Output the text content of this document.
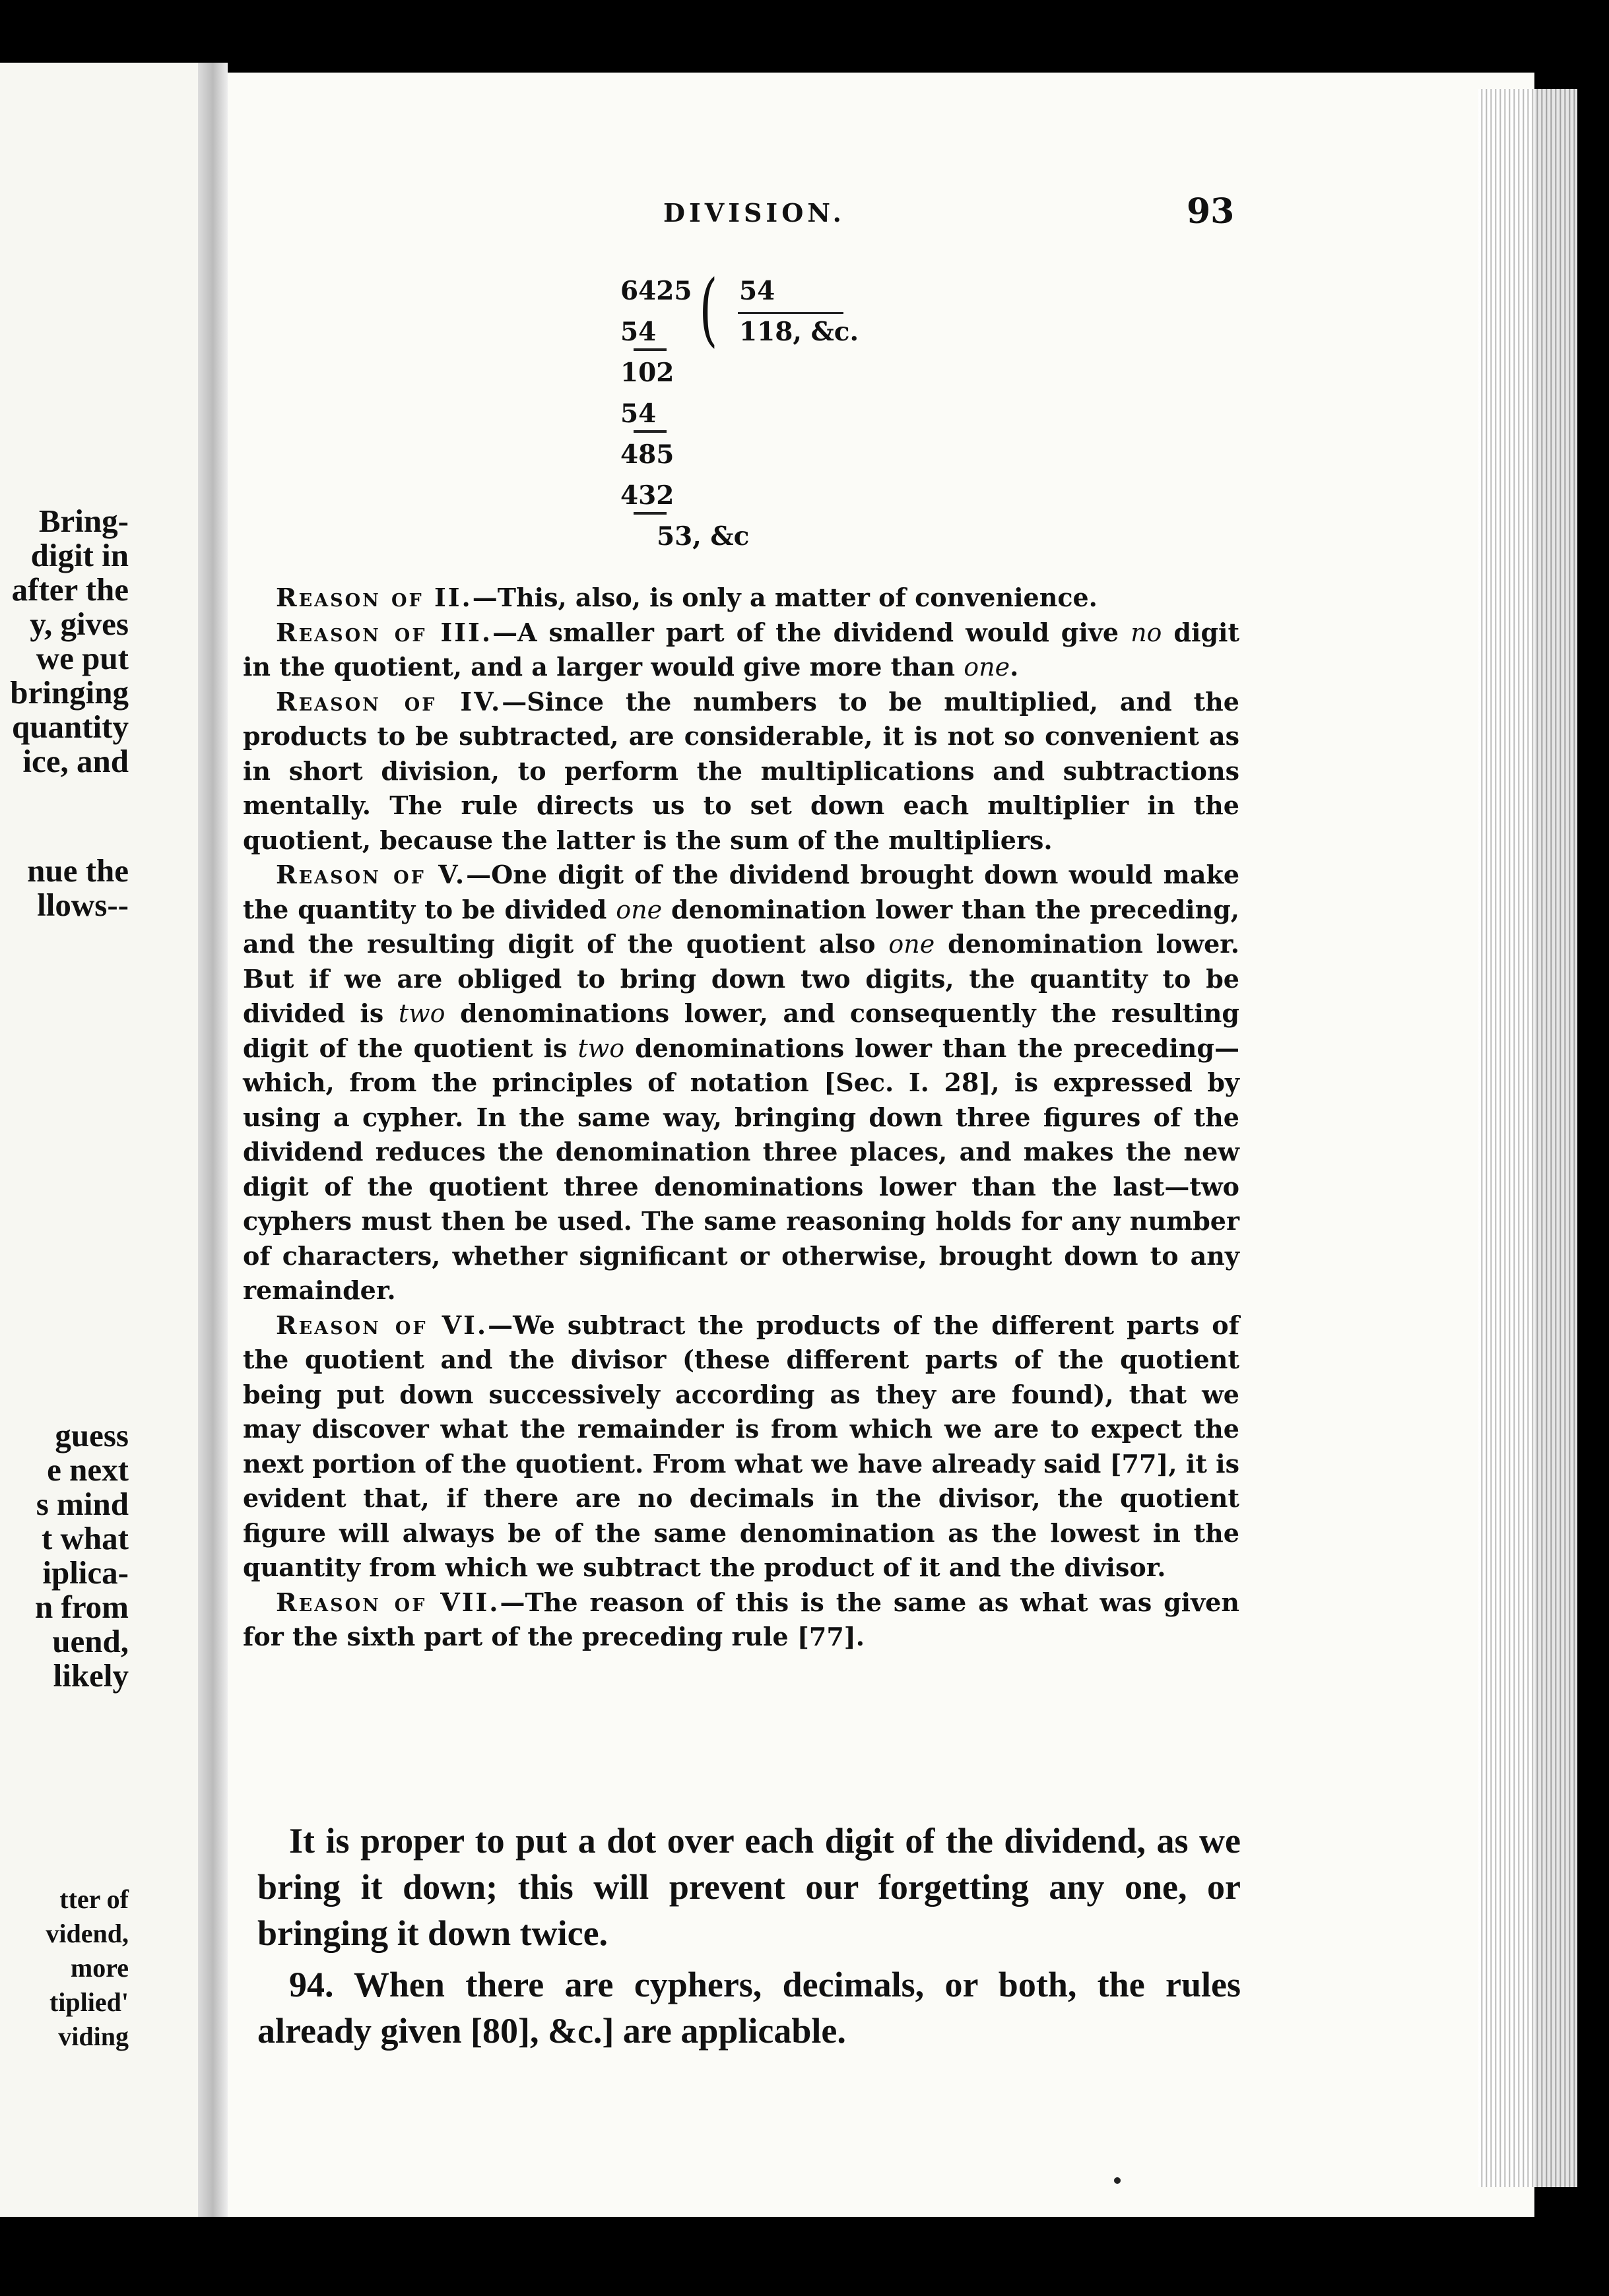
Bring-
digit in
after the
y, gives
we put
bringing
quantity
ice, and
nue the
llows--
guess
e next
s mind
t what
iplica-
n from
uend,
likely
tter of
vidend,
more
tiplied'
viding
DIVISION.	93
6425
54
102
54
485
432
53, &c
( 54
118, &c.

Reason of II.—This, also, is only a matter of convenience.

Reason of III.—A smaller part of the dividend would give no digit in the quotient, and a larger would give more than one.

Reason of IV.—Since the numbers to be multiplied, and the products to be subtracted, are considerable, it is not so convenient as in short division, to perform the multiplications and subtractions mentally. The rule directs us to set down each multiplier in the quotient, because the latter is the sum of the multipliers.

Reason of V.—One digit of the dividend brought down would make the quantity to be divided one denomination lower than the preceding, and the resulting digit of the quotient also one denomination lower. But if we are obliged to bring down two digits, the quantity to be divided is two denominations lower, and consequently the resulting digit of the quotient is two denominations lower than the preceding—which, from the principles of notation [Sec. I. 28], is expressed by using a cypher. In the same way, bringing down three figures of the dividend reduces the denomination three places, and makes the new digit of the quotient three denominations lower than the last—two cyphers must then be used. The same reasoning holds for any number of characters, whether significant or otherwise, brought down to any remainder.

Reason of VI.—We subtract the products of the different parts of the quotient and the divisor (these different parts of the quotient being put down successively according as they are found), that we may discover what the remainder is from which we are to expect the next portion of the quotient. From what we have already said [77], it is evident that, if there are no decimals in the divisor, the quotient figure will always be of the same denomination as the lowest in the quantity from which we subtract the product of it and the divisor.

Reason of VII.—The reason of this is the same as what was given for the sixth part of the preceding rule [77].

It is proper to put a dot over each digit of the dividend, as we bring it down; this will prevent our forgetting any one, or bringing it down twice.

94. When there are cyphers, decimals, or both, the rules already given [80], &c.] are applicable.
